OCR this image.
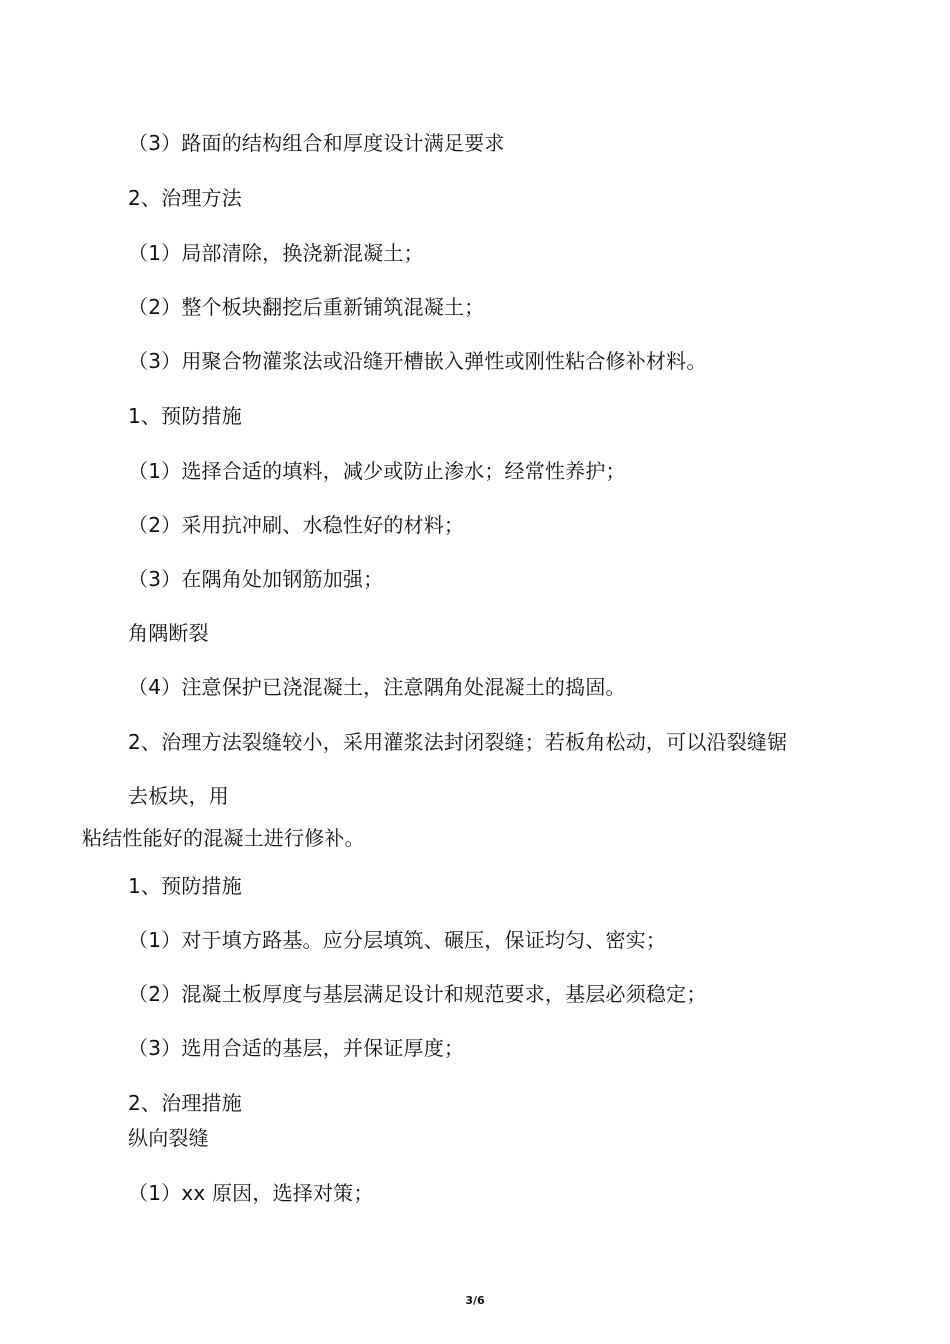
（3）路面的结构组合和厚度设计满足要求
2、治理方法
（1）局部清除，换浇新混凝土；
（2）整个板块翻挖后重新铺筑混凝土；
（3）用聚合物灌浆法或沿缝开槽嵌入弹性或刚性粘合修补材料。
1、预防措施
（1）选择合适的填料，减少或防止渗水；经常性养护；
（2）采用抗冲刷、水稳性好的材料；
（3）在隅角处加钢筋加强；
角隅断裂
（4）注意保护已浇混凝土，注意隅角处混凝土的捣固。
2、治理方法裂缝较小，采用灌浆法封闭裂缝；若板角松动，可以沿裂缝锯
去板块，用
粘结性能好的混凝土进行修补。
1、预防措施
（1）对于填方路基。应分层填筑、碾压，保证均匀、密实；
（2）混凝土板厚度与基层满足设计和规范要求，基层必须稳定；
（3）选用合适的基层，并保证厚度；
2、治理措施
纵向裂缝
（1）xx 原因，选择对策；
3/6
